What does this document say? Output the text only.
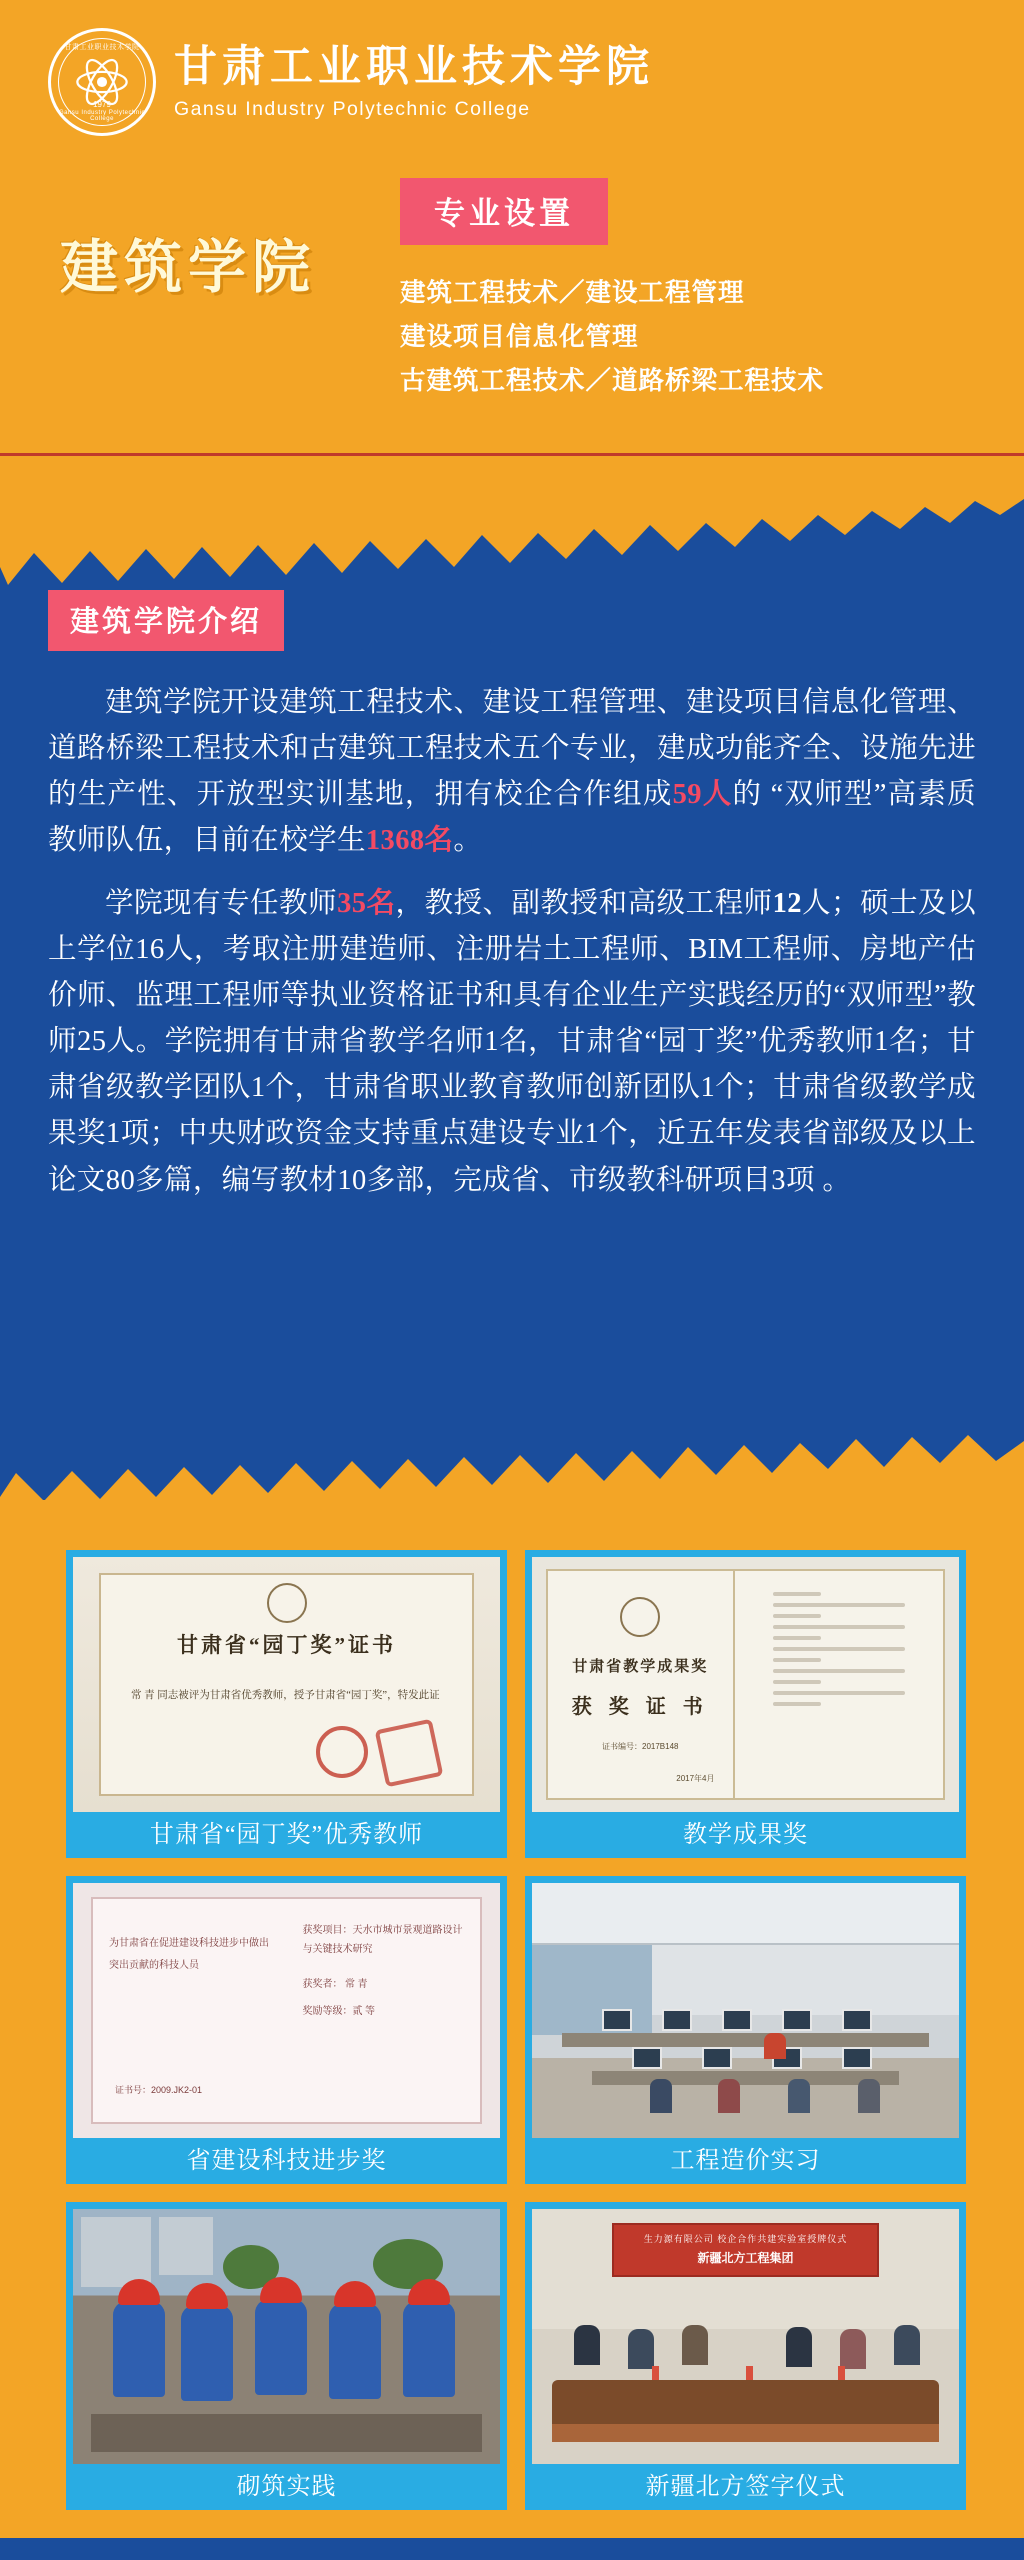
甘肃工业职业技术学院
1979
Gansu Industry Polytechnic College
甘肃工业职业技术学院
Gansu Industry Polytechnic College
建筑学院
专业设置
建筑工程技术／建设工程管理
建设项目信息化管理
古建筑工程技术／道路桥梁工程技术
建筑学院介绍

建筑学院开设建筑工程技术、建设工程管理、建设项目信息化管理、道路桥梁工程技术和古建筑工程技术五个专业，建成功能齐全、设施先进的生产性、开放型实训基地，拥有校企合作组成59人的 “双师型”高素质教师队伍，目前在校学生1368名。

学院现有专任教师35名，教授、副教授和高级工程师12人；硕士及以上学位16人，考取注册建造师、注册岩土工程师、BIM工程师、房地产估价师、监理工程师等执业资格证书和具有企业生产实践经历的“双师型”教师25人。学院拥有甘肃省教学名师1名，甘肃省“园丁奖”优秀教师1名；甘肃省级教学团队1个，甘肃省职业教育教师创新团队1个；甘肃省级教学成果奖1项；中央财政资金支持重点建设专业1个，近五年发表省部级及以上论文80多篇，编写教材10多部，完成省、市级教科研项目3项 。

甘肃省“园丁奖”证书
常 青 同志被评为甘肃省优秀教师，授予甘肃省“园丁奖”，特发此证
甘肃省“园丁奖”优秀教师
甘肃省教学成果奖
获 奖 证 书
证书编号：2017B148
2017年4月
教学成果奖
为甘肃省在促进建设科技进步中做出突出贡献的科技人员
获奖项目：天水市城市景观道路设计与关键技术研究
获奖者： 常 青
奖励等级：贰 等
证书号：2009.JK2-01
省建设科技进步奖	工程造价实习
砌筑实践
生力源有限公司 校企合作共建实验室授牌仪式
新疆北方工程集团
新疆北方签字仪式
